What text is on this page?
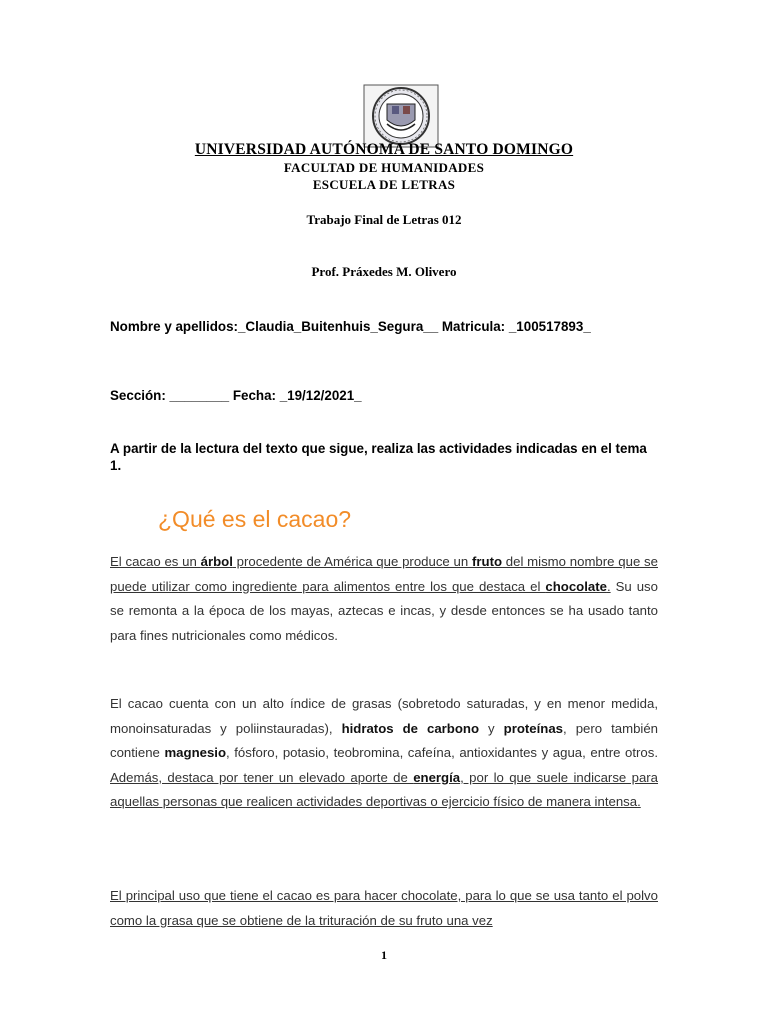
UNIVERSIDAD AUTÓNOMA DE SANTO DOMINGO
FACULTAD DE HUMANIDADES
ESCUELA DE LETRAS
Trabajo Final de Letras 012
Prof. Práxedes M. Olivero
Nombre y apellidos:_Claudia_Buitenhuis_Segura__ Matricula: _100517893_
Sección: ________ Fecha: _19/12/2021_
A partir de la lectura del texto que sigue, realiza las actividades indicadas en el tema 1.
¿Qué es el cacao?
El cacao es un árbol procedente de América que produce un fruto del mismo nombre que se puede utilizar como ingrediente para alimentos entre los que destaca el chocolate. Su uso se remonta a la época de los mayas, aztecas e incas, y desde entonces se ha usado tanto para fines nutricionales como médicos.
El cacao cuenta con un alto índice de grasas (sobretodo saturadas, y en menor medida, monoinsaturadas y poliinstauradas), hidratos de carbono y proteínas, pero también contiene magnesio, fósforo, potasio, teobromina, cafeína, antioxidantes y agua, entre otros. Además, destaca por tener un elevado aporte de energía, por lo que suele indicarse para aquellas personas que realicen actividades deportivas o ejercicio físico de manera intensa.
El principal uso que tiene el cacao es para hacer chocolate, para lo que se usa tanto el polvo como la grasa que se obtiene de la trituración de su fruto una vez
1
